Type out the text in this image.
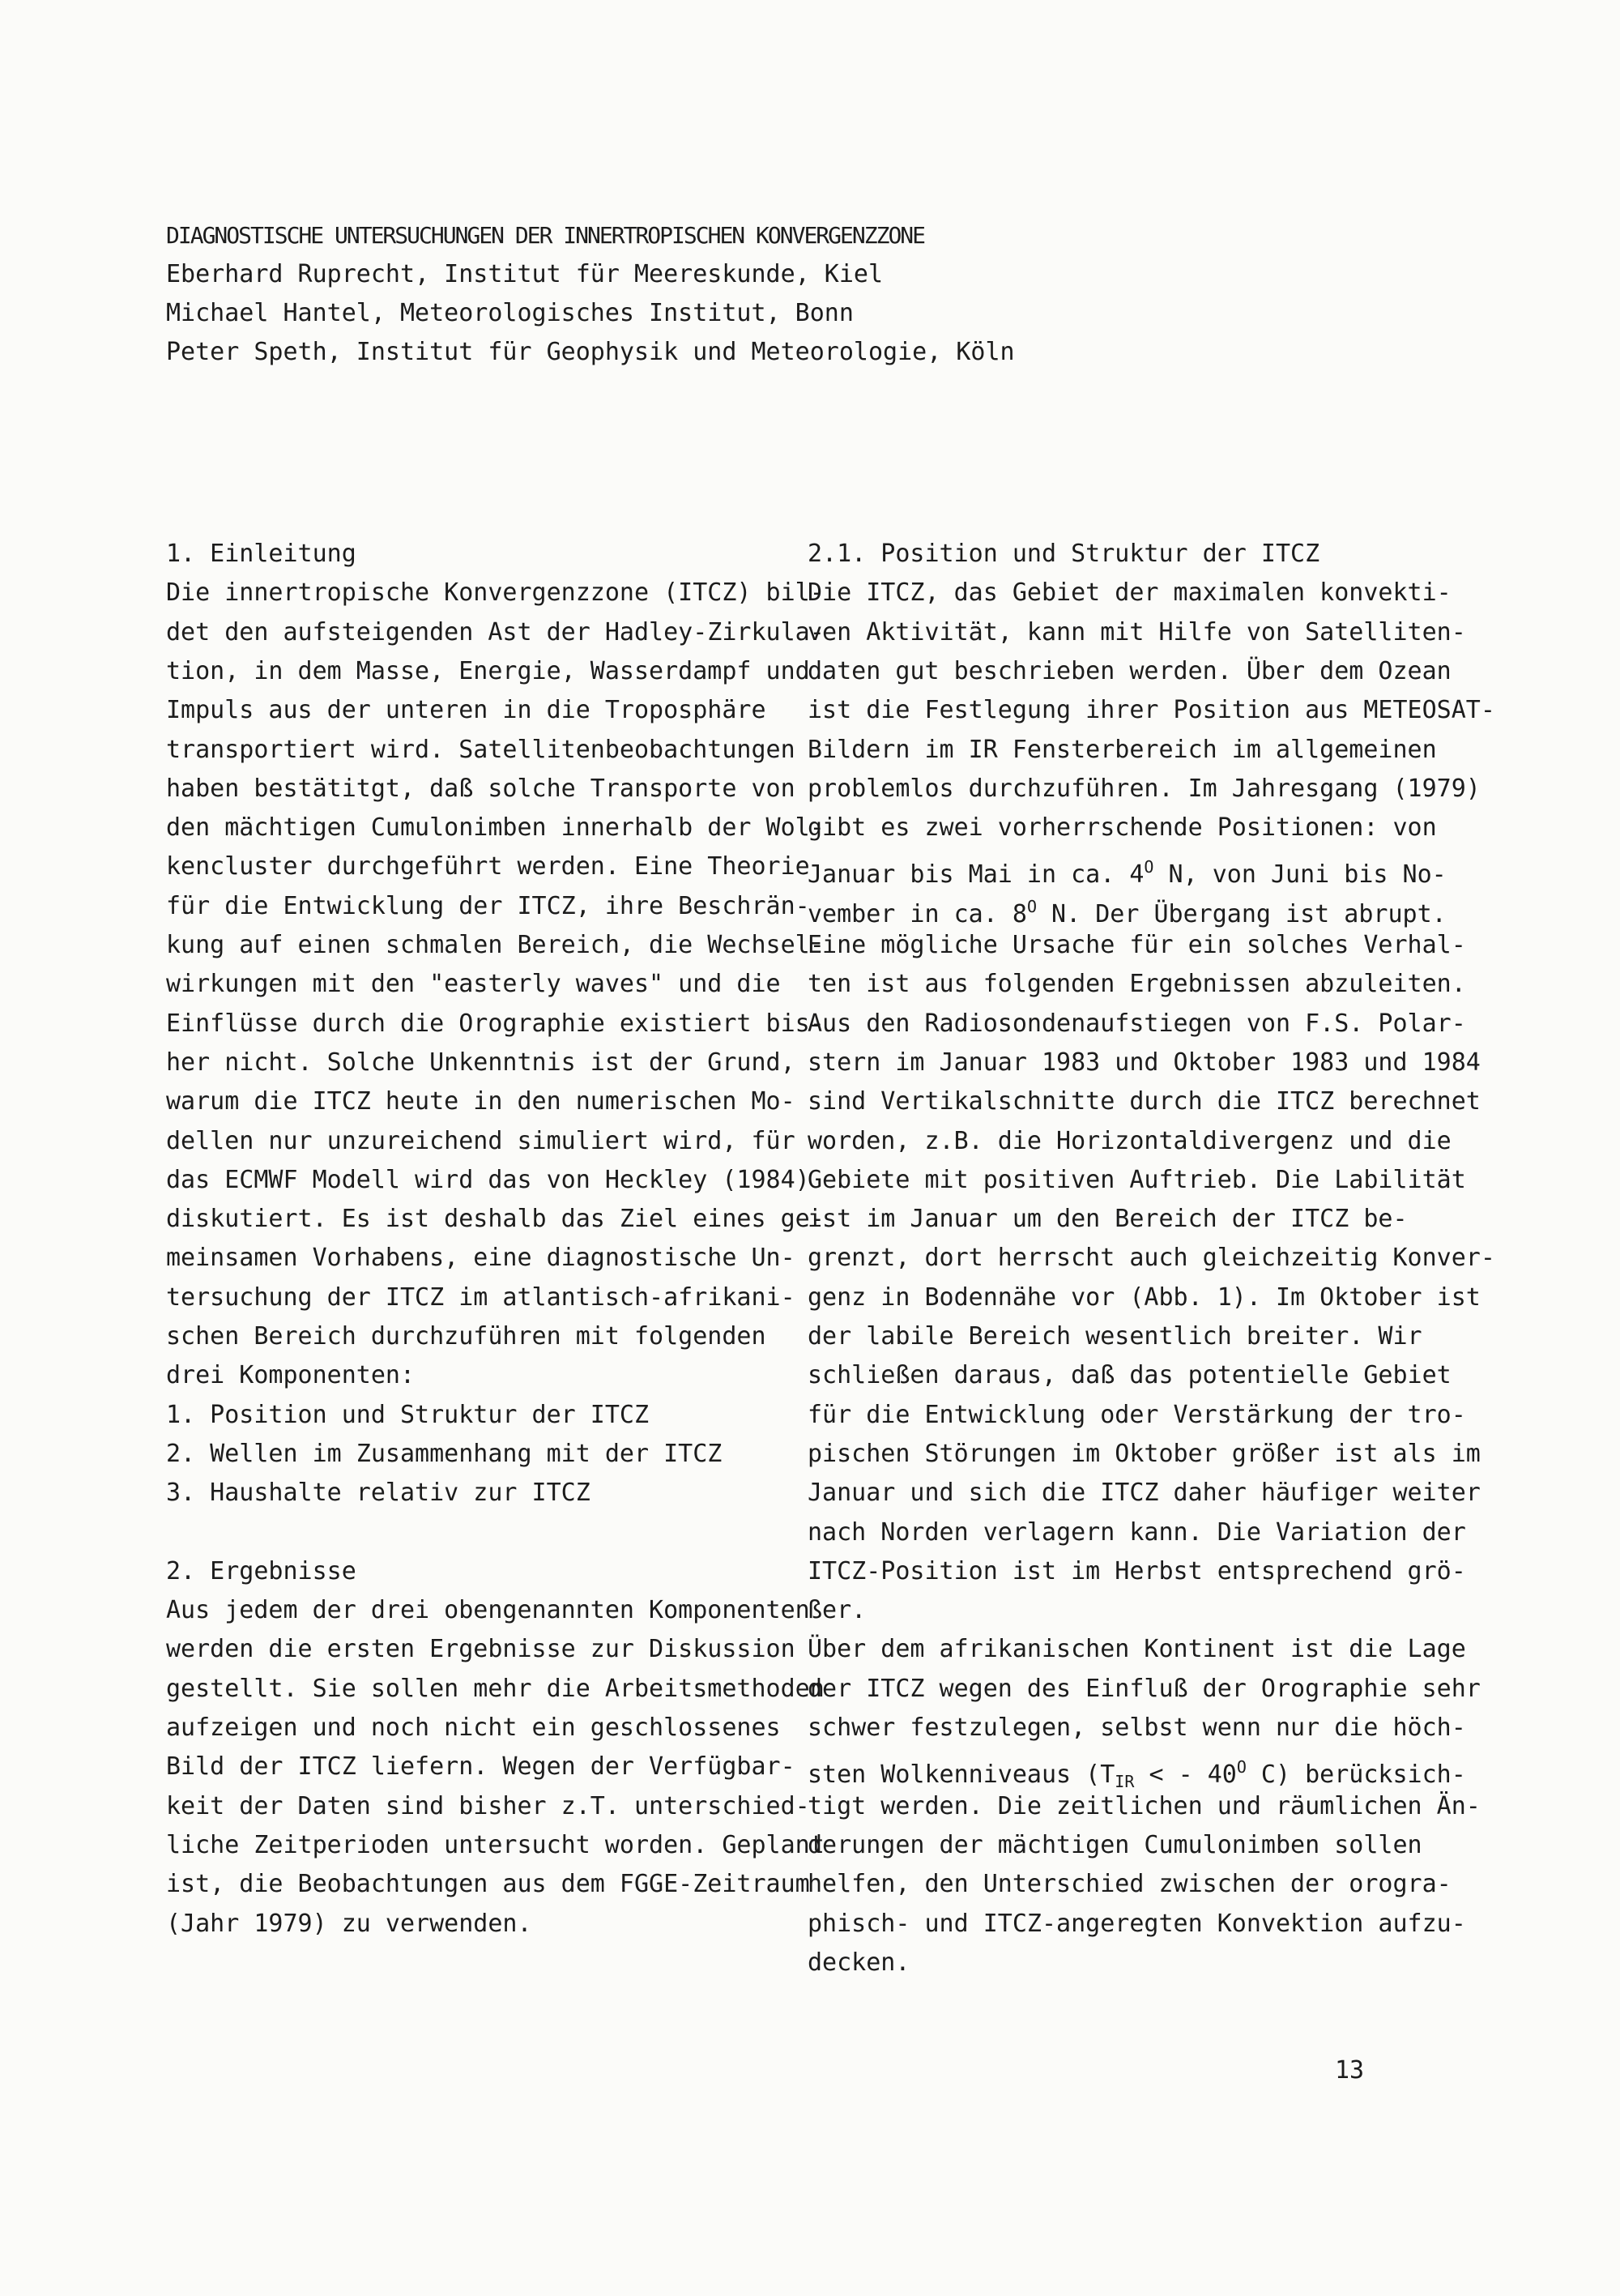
DIAGNOSTISCHE UNTERSUCHUNGEN DER INNERTROPISCHEN KONVERGENZZONE
Eberhard Ruprecht, Institut für Meereskunde, Kiel
Michael Hantel, Meteorologisches Institut, Bonn
Peter Speth, Institut für Geophysik und Meteorologie, Köln
1. Einleitung
Die innertropische Konvergenzzone (ITCZ) bil-
det den aufsteigenden Ast der Hadley-Zirkula-
tion, in dem Masse, Energie, Wasserdampf und
Impuls aus der unteren in die Troposphäre
transportiert wird. Satellitenbeobachtungen
haben bestätitgt, daß solche Transporte von
den mächtigen Cumulonimben innerhalb der Wol-
kencluster durchgeführt werden. Eine Theorie
für die Entwicklung der ITCZ, ihre Beschrän-
kung auf einen schmalen Bereich, die Wechsel-
wirkungen mit den "easterly waves" und die
Einflüsse durch die Orographie existiert bis-
her nicht. Solche Unkenntnis ist der Grund,
warum die ITCZ heute in den numerischen Mo-
dellen nur unzureichend simuliert wird, für
das ECMWF Modell wird das von Heckley (1984)
diskutiert. Es ist deshalb das Ziel eines ge-
meinsamen Vorhabens, eine diagnostische Un-
tersuchung der ITCZ im atlantisch-afrikani-
schen Bereich durchzuführen mit folgenden
drei Komponenten:
1. Position und Struktur der ITCZ
2. Wellen im Zusammenhang mit der ITCZ
3. Haushalte relativ zur ITCZ
2. Ergebnisse
Aus jedem der drei obengenannten Komponenten
werden die ersten Ergebnisse zur Diskussion
gestellt. Sie sollen mehr die Arbeitsmethoden
aufzeigen und noch nicht ein geschlossenes
Bild der ITCZ liefern. Wegen der Verfügbar-
keit der Daten sind bisher z.T. unterschied-
liche Zeitperioden untersucht worden. Geplant
ist, die Beobachtungen aus dem FGGE-Zeitraum
(Jahr 1979) zu verwenden.
2.1. Position und Struktur der ITCZ
Die ITCZ, das Gebiet der maximalen konvekti-
ven Aktivität, kann mit Hilfe von Satelliten-
daten gut beschrieben werden. Über dem Ozean
ist die Festlegung ihrer Position aus METEOSAT-
Bildern im IR Fensterbereich im allgemeinen
problemlos durchzuführen. Im Jahresgang (1979)
gibt es zwei vorherrschende Positionen: von
Januar bis Mai in ca. $4^O$ N, von Juni bis No-
vember in ca. $8^O$ N. Der Übergang ist abrupt.
Eine mögliche Ursache für ein solches Verhal-
ten ist aus folgenden Ergebnissen abzuleiten.
Aus den Radiosondenaufstiegen von F.S. Polar-
stern im Januar 1983 und Oktober 1983 und 1984
sind Vertikalschnitte durch die ITCZ berechnet
worden, z.B. die Horizontaldivergenz und die
Gebiete mit positiven Auftrieb. Die Labilität
ist im Januar um den Bereich der ITCZ be-
grenzt, dort herrscht auch gleichzeitig Konver-
genz in Bodennähe vor (Abb. 1). Im Oktober ist
der labile Bereich wesentlich breiter. Wir
schließen daraus, daß das potentielle Gebiet
für die Entwicklung oder Verstärkung der tro-
pischen Störungen im Oktober größer ist als im
Januar und sich die ITCZ daher häufiger weiter
nach Norden verlagern kann. Die Variation der
ITCZ-Position ist im Herbst entsprechend grö-
ßer.
Über dem afrikanischen Kontinent ist die Lage
der ITCZ wegen des Einfluß der Orographie sehr
schwer festzulegen, selbst wenn nur die höch-
sten Wolkenniveaus ($T_{IR}$ < - $40^O$ C) berücksich-
tigt werden. Die zeitlichen und räumlichen Än-
derungen der mächtigen Cumulonimben sollen
helfen, den Unterschied zwischen der orogra-
phisch- und ITCZ-angeregten Konvektion aufzu-
decken.
13
